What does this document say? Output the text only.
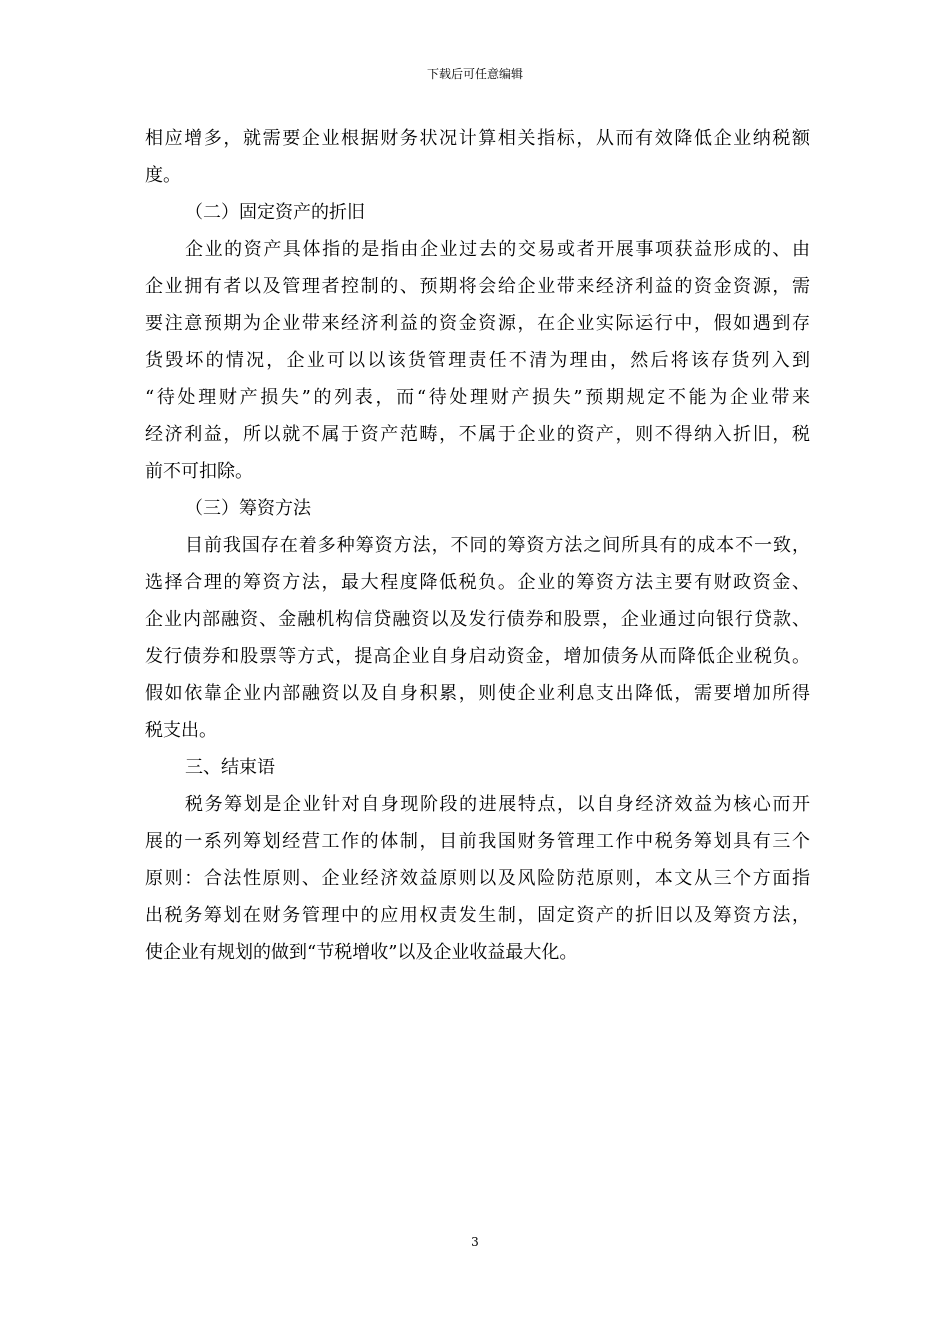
下载后可任意编辑
相应增多，就需要企业根据财务状况计算相关指标，从而有效降低企业纳税额
度。
（二）固定资产的折旧
企业的资产具体指的是指由企业过去的交易或者开展事项获益形成的、由
企业拥有者以及管理者控制的、预期将会给企业带来经济利益的资金资源，需
要注意预期为企业带来经济利益的资金资源，在企业实际运行中，假如遇到存
货毁坏的情况，企业可以以该货管理责任不清为理由，然后将该存货列入到
“待处理财产损失”的列表，而“待处理财产损失”预期规定不能为企业带来
经济利益，所以就不属于资产范畴，不属于企业的资产，则不得纳入折旧，税
前不可扣除。
（三）筹资方法
目前我国存在着多种筹资方法，不同的筹资方法之间所具有的成本不一致，
选择合理的筹资方法，最大程度降低税负。企业的筹资方法主要有财政资金、
企业内部融资、金融机构信贷融资以及发行债券和股票，企业通过向银行贷款、
发行债券和股票等方式，提高企业自身启动资金，增加债务从而降低企业税负。
假如依靠企业内部融资以及自身积累，则使企业利息支出降低，需要增加所得
税支出。
三、结束语
税务筹划是企业针对自身现阶段的进展特点，以自身经济效益为核心而开
展的一系列筹划经营工作的体制，目前我国财务管理工作中税务筹划具有三个
原则：合法性原则、企业经济效益原则以及风险防范原则，本文从三个方面指
出税务筹划在财务管理中的应用权责发生制，固定资产的折旧以及筹资方法，
使企业有规划的做到“节税增收”以及企业收益最大化。
3
